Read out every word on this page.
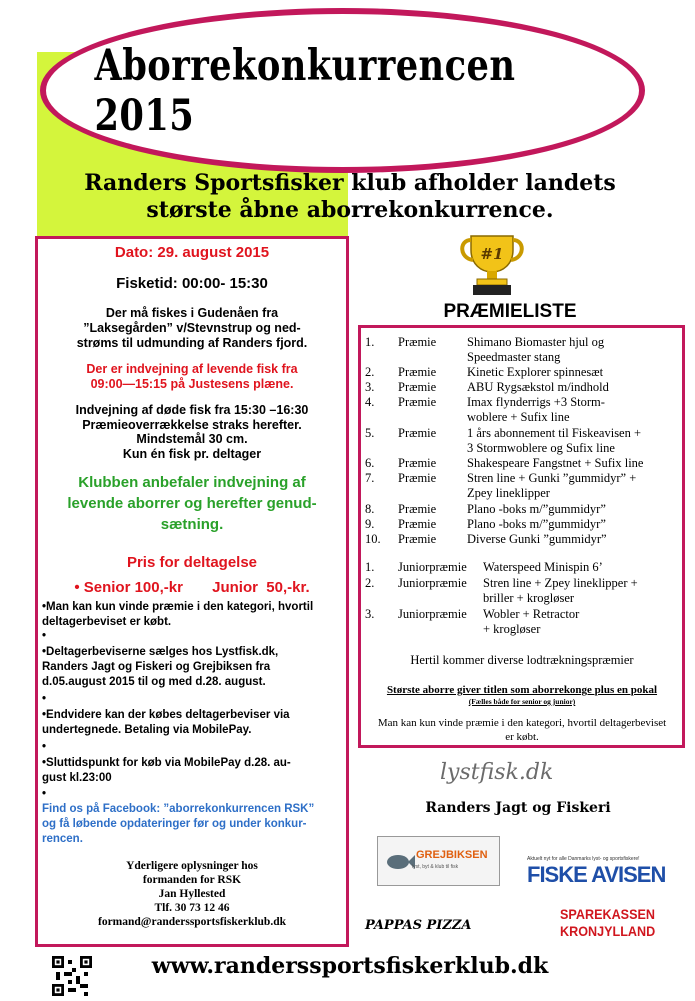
Aborrekonkurrencen 2015
Randers Sportsfisker klub afholder landets
største åbne aborrekonkurrence.
Dato: 29. august 2015
Fisketid: 00:00- 15:30
Der må fiskes i Gudenåen fra
”Laksegården” v/Stevnstrup og ned-
strøms til udmunding af Randers fjord.
Der er indvejning af levende fisk fra
09:00—15:15 på Justesens plæne.
Indvejning af døde fisk fra 15:30 –16:30
Præmieoverrækkelse straks herefter.
Mindstemål 30 cm.
Kun én fisk pr. deltager
Klubben anbefaler indvejning af
levende aborrer og herefter genud-
sætning.
Pris for deltagelse
• Senior 100,-kr       Junior  50,-kr.
•Man kan kun vinde præmie i den kategori, hvortil
deltagerbeviset er købt.
•
•Deltagerbeviserne sælges hos Lystfisk.dk,
Randers Jagt og Fiskeri og Grejbiksen fra
d.05.august 2015 til og med d.28. august.
•
•Endvidere kan der købes deltagerbeviser via
undertegnede. Betaling via MobilePay.
•
•Sluttidspunkt for køb via MobilePay d.28. au-
gust kl.23:00
•
Find os på Facebook: ”aborrekonkurrencen RSK”
og få løbende opdateringer før og under konkur-
rencen.
Yderligere oplysninger hos
formanden for RSK
Jan Hyllested
Tlf. 30 73 12 46
formand@randerssportsfiskerklub.dk
#1
PRÆMIELISTE
1. Præmie Shimano Biomaster hjul og
Speedmaster stang
2. Præmie Kinetic Explorer spinnesæt
3. Præmie ABU Rygsækstol m/indhold
4. Præmie Imax flynderrigs +3 Storm-
woblere + Sufix line
5. Præmie 1 års abonnement til Fiskeavisen +
3 Stormwoblere og Sufix line
6. Præmie Shakespeare Fangstnet + Sufix line
7. Præmie Stren line + Gunki ”gummidyr” +
Zpey lineklipper
8. Præmie Plano -boks m/”gummidyr”
9. Præmie Plano -boks m/”gummidyr”
10. Præmie Diverse Gunki ”gummidyr”
1. Juniorpræmie Waterspeed Minispin 6’
2. Juniorpræmie Stren line + Zpey lineklipper +
briller + krogløser
3. Juniorpræmie Wobler + Retractor
+ krogløser
Hertil kommer diverse lodtrækningspræmier
Største aborre giver titlen som aborrekonge plus en pokal
(Fælles både for senior og junior)
Man kan kun vinde præmie i den kategori, hvortil deltagerbeviset
er købt.
lystfisk.dk
Randers Jagt og Fiskeri
GREJBIKSEN
lyst, byt & klub til fisk
Aktuelt nyt for alle Danmarks lyst- og sportsfiskere!
FISKE AVISEN
PAPPAS PIZZA
SPAREKASSEN
KRONJYLLAND
www.randerssportsfiskerklub.dk
